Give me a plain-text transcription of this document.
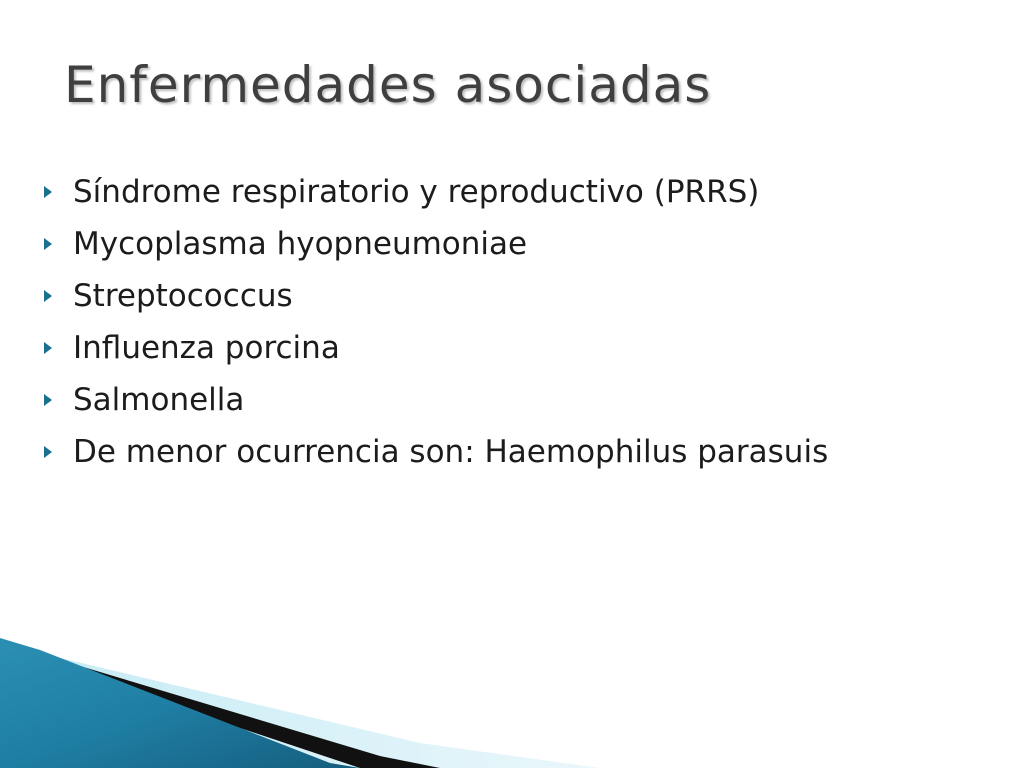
Enfermedades asociadas
Síndrome respiratorio y reproductivo (PRRS)
Mycoplasma hyopneumoniae
Streptococcus
Influenza porcina
Salmonella
De menor ocurrencia son: Haemophilus parasuis
